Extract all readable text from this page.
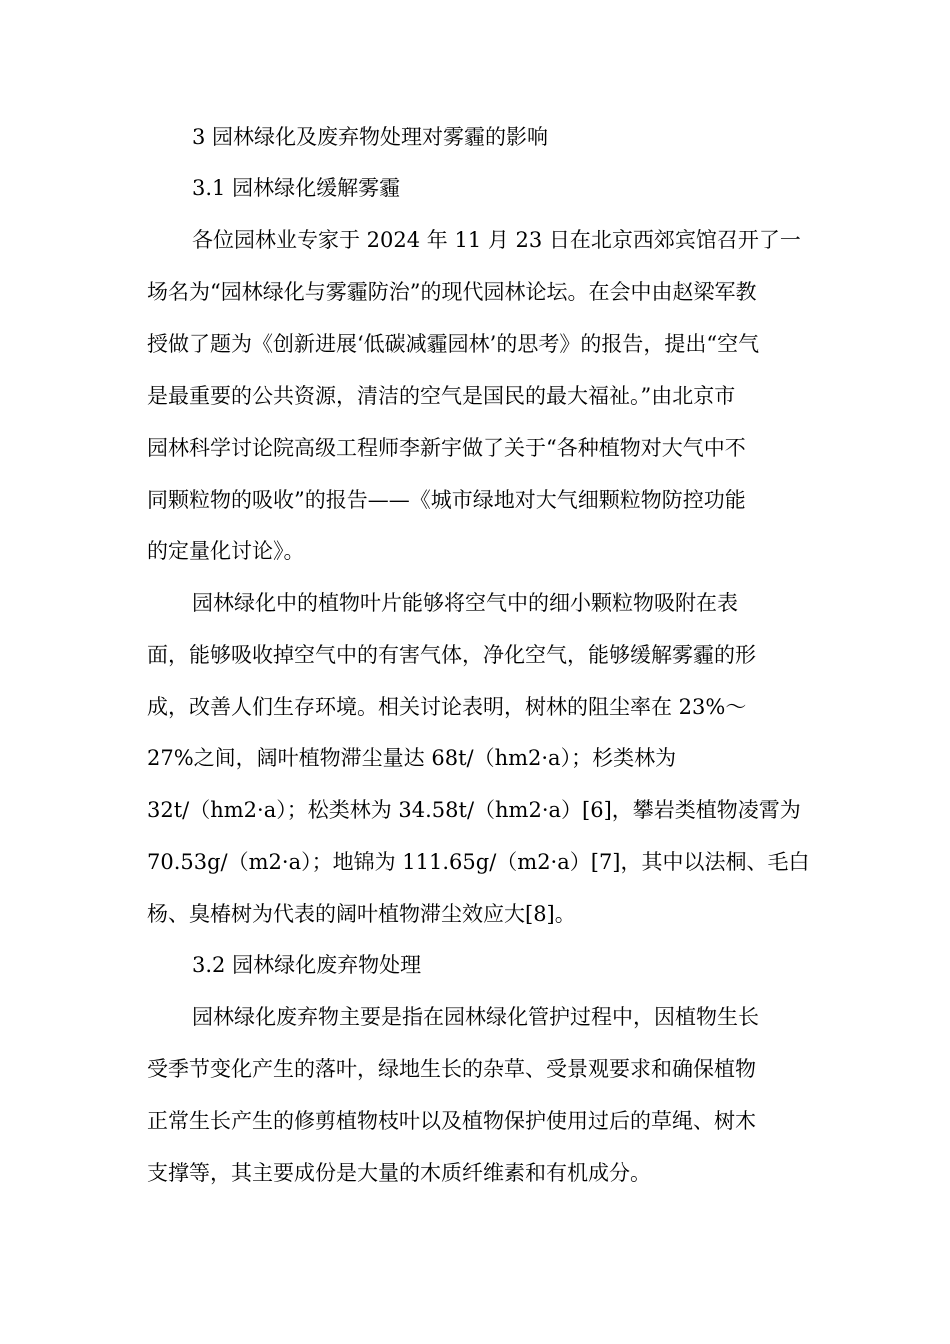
3 园林绿化及废弃物处理对雾霾的影响
3.1 园林绿化缓解雾霾
各位园林业专家于 2024 年 11 月 23 日在北京西郊宾馆召开了一
场名为“园林绿化与雾霾防治”的现代园林论坛。在会中由赵梁军教
授做了题为《创新进展‘低碳减霾园林’的思考》的报告，提出“空气
是最重要的公共资源，清洁的空气是国民的最大福祉。”由北京市
园林科学讨论院高级工程师李新宇做了关于“各种植物对大气中不
同颗粒物的吸收”的报告——《城市绿地对大气细颗粒物防控功能
的定量化讨论》。
园林绿化中的植物叶片能够将空气中的细小颗粒物吸附在表
面，能够吸收掉空气中的有害气体，净化空气，能够缓解雾霾的形
成，改善人们生存环境。相关讨论表明，树林的阻尘率在 23%～
27%之间，阔叶植物滞尘量达 68t/（hm2·a）；杉类林为
32t/（hm2·a）；松类林为 34.58t/（hm2·a）[6]，攀岩类植物凌霄为
70.53g/（m2·a）；地锦为 111.65g/（m2·a）[7]，其中以法桐、毛白
杨、臭椿树为代表的阔叶植物滞尘效应大[8]。
3.2 园林绿化废弃物处理
园林绿化废弃物主要是指在园林绿化管护过程中，因植物生长
受季节变化产生的落叶，绿地生长的杂草、受景观要求和确保植物
正常生长产生的修剪植物枝叶以及植物保护使用过后的草绳、树木
支撑等，其主要成份是大量的木质纤维素和有机成分。
